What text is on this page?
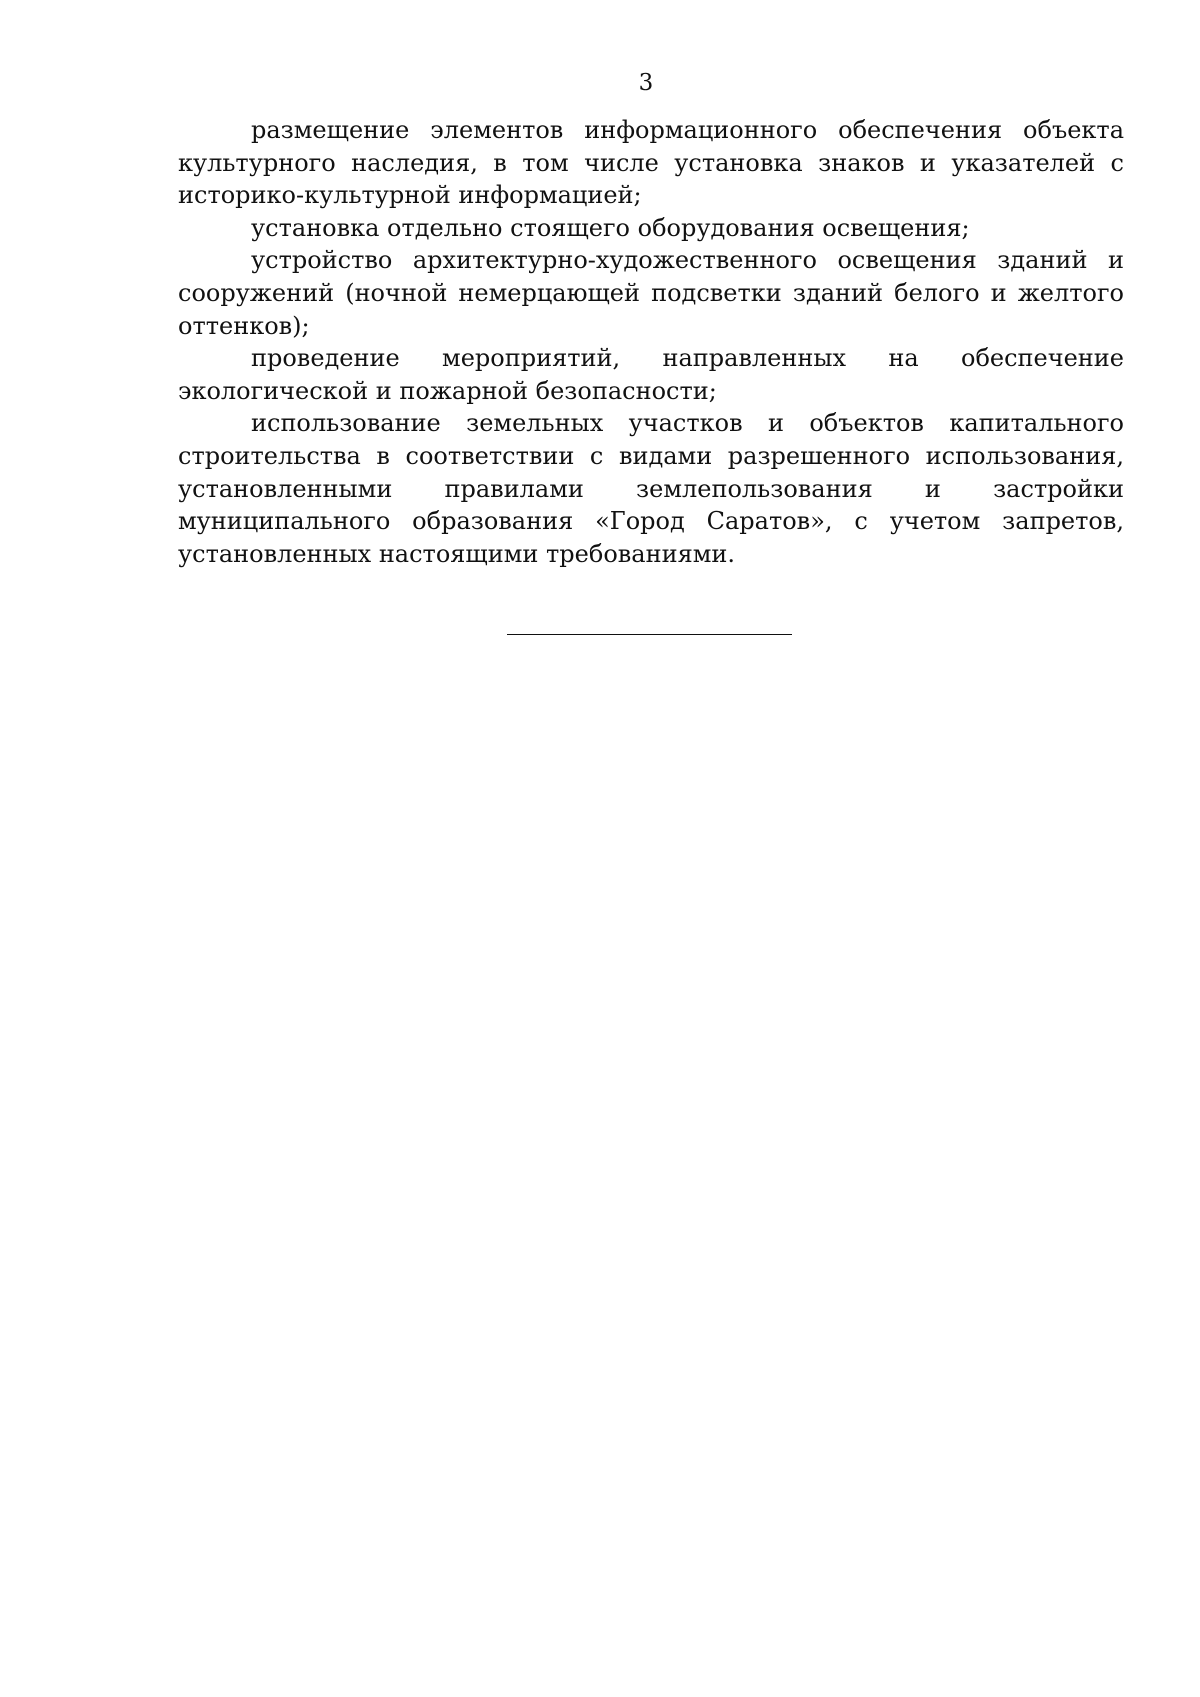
3

размещение элементов информационного обеспечения объекта культурного наследия, в том числе установка знаков и указателей с историко-культурной информацией;

установка отдельно стоящего оборудования освещения;

устройство архитектурно-художественного освещения зданий и сооружений (ночной немерцающей подсветки зданий белого и желтого оттенков);

проведение мероприятий, направленных на обеспечение экологической и пожарной безопасности;

использование земельных участков и объектов капитального строительства в соответствии с видами разрешенного использования, установленными правилами землепользования и застройки муниципального образования «Город Саратов», с учетом запретов, установленных настоящими требованиями.
